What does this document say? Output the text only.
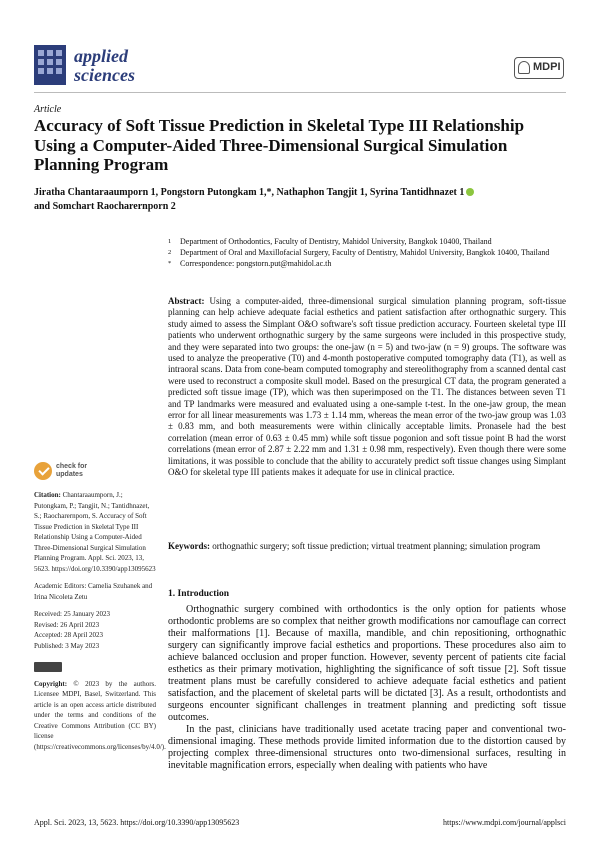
applied
sciences	MDPI
Article
Accuracy of Soft Tissue Prediction in Skeletal Type III Relationship Using a Computer-Aided Three-Dimensional Surgical Simulation Planning Program
Jiratha Chantaraaumporn 1, Pongstorn Putongkam 1,*, Nathaphon Tangjit 1, Syrina Tantidhnazet 1
and Somchart Raocharernporn 2
1	Department of Orthodontics, Faculty of Dentistry, Mahidol University, Bangkok 10400, Thailand
2	Department of Oral and Maxillofacial Surgery, Faculty of Dentistry, Mahidol University, Bangkok 10400, Thailand
*	Correspondence: pongstorn.put@mahidol.ac.th
Abstract: Using a computer-aided, three-dimensional surgical simulation planning program, soft-tissue planning can help achieve adequate facial esthetics and patient satisfaction after orthognathic surgery. This study aimed to assess the Simplant O&O software's soft tissue prediction accuracy. Fourteen skeletal type III patients who underwent orthognathic surgery by the same surgeons were included in this prospective study, and they were separated into two groups: the one-jaw (n = 5) and two-jaw (n = 9) groups. The software was used to analyze the preoperative (T0) and 4-month postoperative computed tomography data (T1), as well as intraoral scans. Data from cone-beam computed tomography and stereolithography from a scanned dental cast were used to reconstruct a composite skull model. Based on the presurgical CT data, the program generated a predicted soft tissue image (TP), which was then superimposed on the T1. The distances between seven T1 and TP landmarks were measured and evaluated using a one-sample t-test. In the one-jaw group, the mean error for all linear measurements was 1.73 ± 1.14 mm, whereas the mean error of the two-jaw group was 1.03 ± 0.83 mm, and both measurements were within clinically acceptable limits. Pronasele had the best correlation (mean error of 0.63 ± 0.45 mm) while soft tissue pogonion and soft tissue point B had the worst correlations (mean error of 2.87 ± 2.22 mm and 1.31 ± 0.98 mm, respectively). Even though there were some limitations, it was possible to conclude that the ability to accurately predict soft tissue changes using Simplant O&O for skeletal type III patients makes it adequate for use in clinical practice.
Keywords: orthognathic surgery; soft tissue prediction; virtual treatment planning; simulation program
check for
updates

Citation: Chantaraaumporn, J.; Putongkam, P.; Tangjit, N.; Tantidhnazet, S.; Raocharernporn, S. Accuracy of Soft Tissue Prediction in Skeletal Type III Relationship Using a Computer-Aided Three-Dimensional Surgical Simulation Planning Program. Appl. Sci. 2023, 13, 5623. https://doi.org/10.3390/app13095623

Academic Editors: Camelia Szuhanek and Irina Nicoleta Zetu

Received: 25 January 2023
Revised: 26 April 2023
Accepted: 28 April 2023

Published: 3 May 2023

Copyright: © 2023 by the authors. Licensee MDPI, Basel, Switzerland. This article is an open access article distributed under the terms and conditions of the Creative Commons Attribution (CC BY) license (https://creativecommons.org/licenses/by/4.0/).

1. Introduction

Orthognathic surgery combined with orthodontics is the only option for patients whose orthodontic problems are so complex that neither growth modifications nor camouflage can correct their malformations [1]. Because of maxilla, mandible, and chin repositioning, orthognathic surgery can significantly improve facial esthetics and proportions. These procedures also aim to achieve balanced occlusion and proper function. However, seventy percent of patients cite facial esthetics as their primary motivation, highlighting the significance of soft tissue [2]. Soft tissue treatment plans must be carefully considered to achieve adequate facial esthetics and patient satisfaction, and the placement of skeletal parts will be dictated [3]. As a result, orthodontists and surgeons encounter significant challenges in treatment planning and predicting soft tissue outcomes.

In the past, clinicians have traditionally used acetate tracing paper and conventional two-dimensional imaging. These methods provide limited information due to the distortion caused by projecting complex three-dimensional structures onto two-dimensional surfaces, resulting in inevitable magnification errors, especially when dealing with patients who have

Appl. Sci. 2023, 13, 5623. https://doi.org/10.3390/app13095623	https://www.mdpi.com/journal/applsci
